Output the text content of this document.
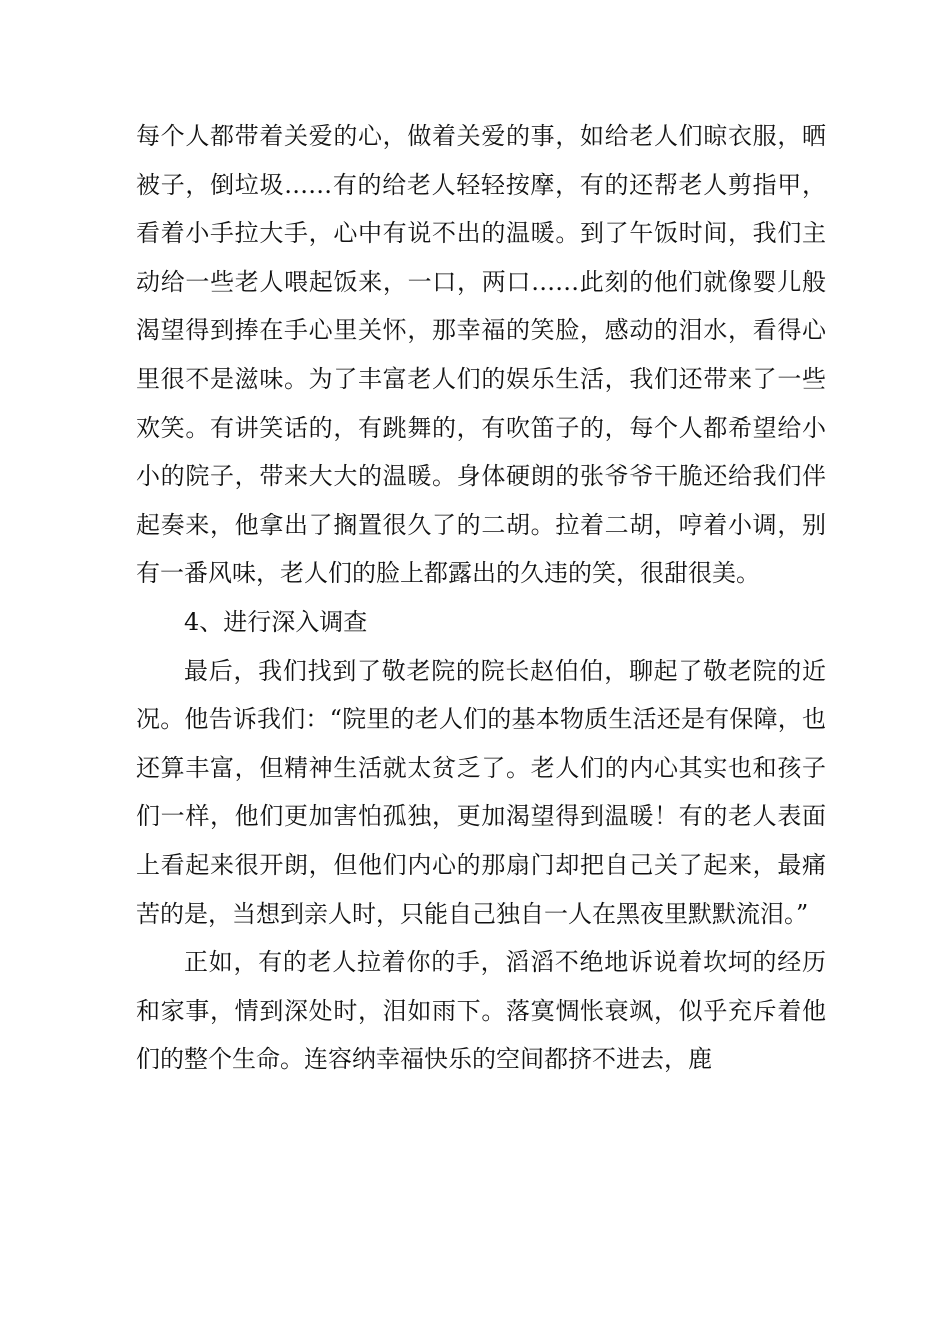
每个人都带着关爱的心，做着关爱的事，如给老人们晾衣服，晒被子，倒垃圾……有的给老人轻轻按摩，有的还帮老人剪指甲，看着小手拉大手，心中有说不出的温暖。到了午饭时间，我们主动给一些老人喂起饭来，一口，两口……此刻的他们就像婴儿般渴望得到捧在手心里关怀，那幸福的笑脸，感动的泪水，看得心里很不是滋味。为了丰富老人们的娱乐生活，我们还带来了一些欢笑。有讲笑话的，有跳舞的，有吹笛子的，每个人都希望给小小的院子，带来大大的温暖。身体硬朗的张爷爷干脆还给我们伴起奏来，他拿出了搁置很久了的二胡。拉着二胡，哼着小调，别有一番风味，老人们的脸上都露出的久违的笑，很甜很美。

4、进行深入调查

最后，我们找到了敬老院的院长赵伯伯，聊起了敬老院的近况。他告诉我们：“院里的老人们的基本物质生活还是有保障，也还算丰富，但精神生活就太贫乏了。老人们的内心其实也和孩子们一样，他们更加害怕孤独，更加渴望得到温暖！有的老人表面上看起来很开朗，但他们内心的那扇门却把自己关了起来，最痛苦的是，当想到亲人时，只能自己独自一人在黑夜里默默流泪。”

正如，有的老人拉着你的手，滔滔不绝地诉说着坎坷的经历和家事，情到深处时，泪如雨下。落寞惆怅衰飒，似乎充斥着他们的整个生命。连容纳幸福快乐的空间都挤不进去，鹿
